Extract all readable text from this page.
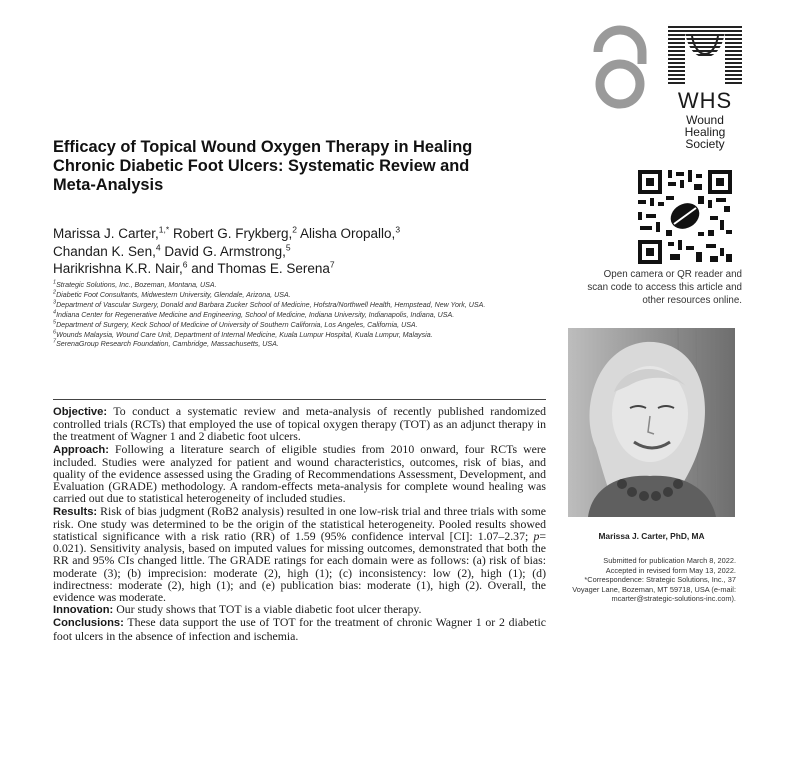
WHS
Wound
Healing
Society
Open camera or QR reader and scan code to access this article and other resources online.
Marissa J. Carter, PhD, MA
Submitted for publication March 8, 2022.
Accepted in revised form May 13, 2022.
*Correspondence: Strategic Solutions, Inc., 37 Voyager Lane, Bozeman, MT 59718, USA (e-mail: mcarter@strategic-solutions-inc.com).
Efficacy of Topical Wound Oxygen Therapy in Healing Chronic Diabetic Foot Ulcers: Systematic Review and Meta-Analysis
Marissa J. Carter,$^{1,*}$ Robert G. Frykberg,$^2$ Alisha Oropallo,$^3$
Chandan K. Sen,$^4$ David G. Armstrong,$^5$
Harikrishna K.R. Nair,$^6$ and Thomas E. Serena$^7$
$^1$Strategic Solutions, Inc., Bozeman, Montana, USA.
$^2$Diabetic Foot Consultants, Midwestern University, Glendale, Arizona, USA.
$^3$Department of Vascular Surgery, Donald and Barbara Zucker School of Medicine, Hofstra/Northwell Health, Hempstead, New York, USA.
$^4$Indiana Center for Regenerative Medicine and Engineering, School of Medicine, Indiana University, Indianapolis, Indiana, USA.
$^5$Department of Surgery, Keck School of Medicine of University of Southern California, Los Angeles, California, USA.
$^6$Wounds Malaysia, Wound Care Unit, Department of Internal Medicine, Kuala Lumpur Hospital, Kuala Lumpur, Malaysia.
$^7$SerenaGroup Research Foundation, Cambridge, Massachusetts, USA.

Objective: To conduct a systematic review and meta-analysis of recently published randomized controlled trials (RCTs) that employed the use of topical oxygen therapy (TOT) as an adjunct therapy in the treatment of Wagner 1 and 2 diabetic foot ulcers.

Approach: Following a literature search of eligible studies from 2010 onward, four RCTs were included. Studies were analyzed for patient and wound characteristics, outcomes, risk of bias, and quality of the evidence assessed using the Grading of Recommendations Assessment, Development, and Evaluation (GRADE) methodology. A random-effects meta-analysis for complete wound healing was carried out due to statistical heterogeneity of included studies.

Results: Risk of bias judgment (RoB2 analysis) resulted in one low-risk trial and three trials with some risk. One study was determined to be the origin of the statistical heterogeneity. Pooled results showed statistical significance with a risk ratio (RR) of 1.59 (95% confidence interval [CI]: 1.07–2.37; p= 0.021). Sensitivity analysis, based on imputed values for missing outcomes, demonstrated that both the RR and 95% CIs changed little. The GRADE ratings for each domain were as follows: (a) risk of bias: moderate (3); (b) imprecision: moderate (2), high (1); (c) inconsistency: low (2), high (1); (d) indirectness: moderate (2), high (1); and (e) publication bias: moderate (1), high (2). Overall, the evidence was moderate.

Innovation: Our study shows that TOT is a viable diabetic foot ulcer therapy.

Conclusions: These data support the use of TOT for the treatment of chronic Wagner 1 or 2 diabetic foot ulcers in the absence of infection and ischemia.
